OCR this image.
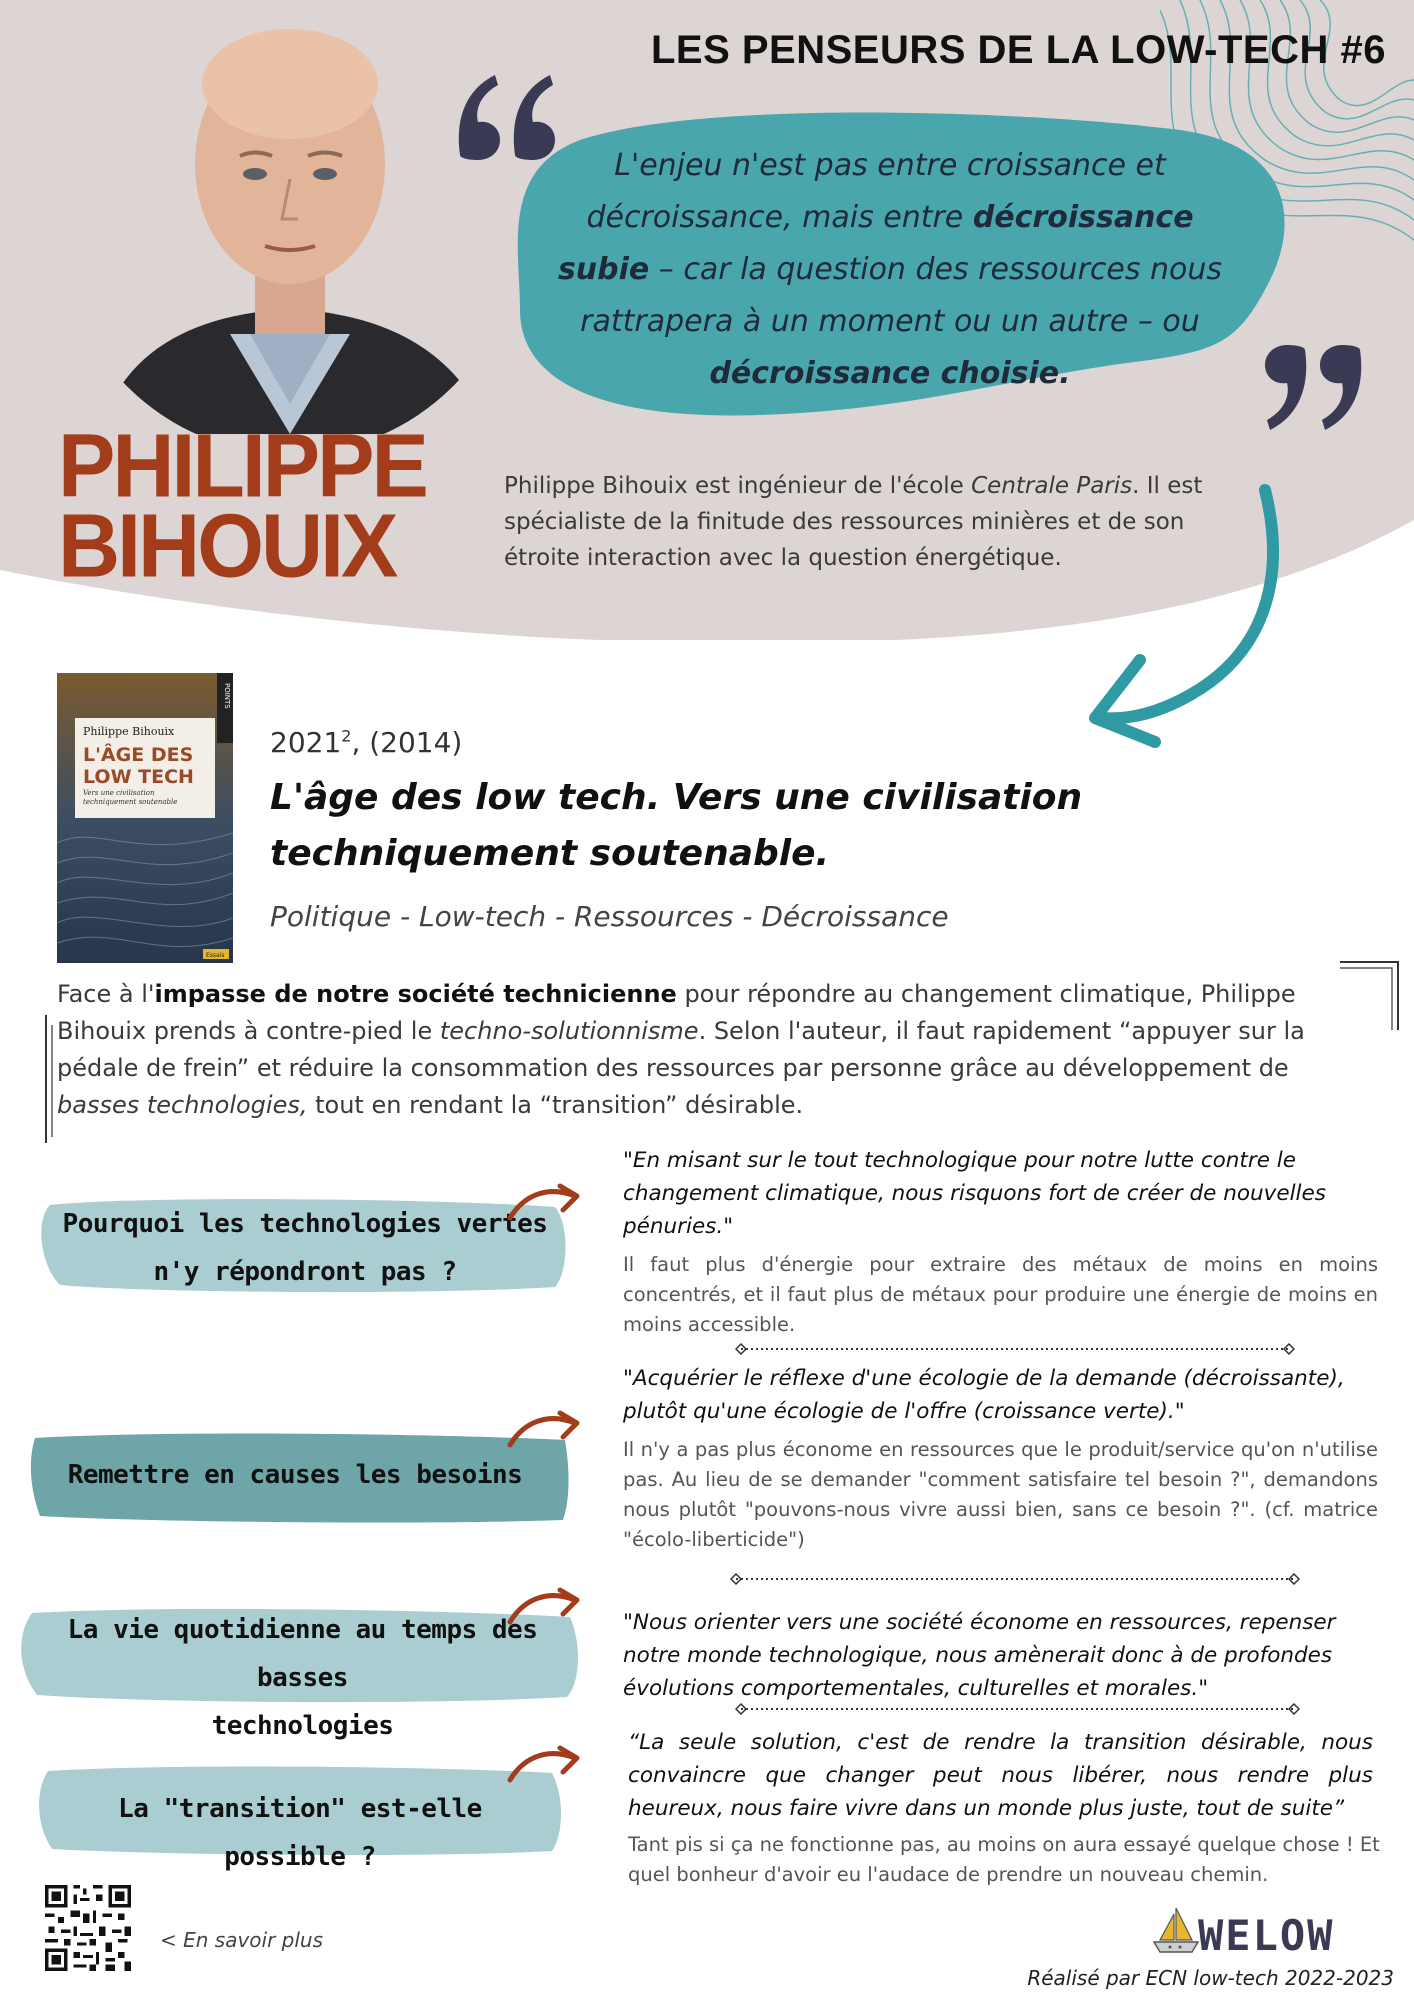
PHILIPPE
BIHOUIX
LES PENSEURS DE LA LOW-TECH #6
L'enjeu n'est pas entre croissance et décroissance, mais entre décroissance subie – car la question des ressources nous rattrapera à un moment ou un autre – ou décroissance choisie.
Philippe Bihouix est ingénieur de l'école Centrale Paris. Il est spécialiste de la finitude des ressources minières et de son étroite interaction avec la question énergétique.
POINTS
Philippe Bihouix
L'ÂGE DES
LOW TECH
Vers une civilisation techniquement soutenable
Essais
2021$^2$, (2014)
L'âge des low tech. Vers une civilisation techniquement soutenable.
Politique - Low-tech - Ressources - Décroissance
Face à l'impasse de notre société technicienne pour répondre au changement climatique, Philippe Bihouix prends à contre-pied le techno-solutionnisme. Selon l'auteur, il faut rapidement “appuyer sur la pédale de frein” et réduire la consommation des ressources par personne grâce au développement de basses technologies, tout en rendant la “transition” désirable.
Pourquoi les technologies vertes
n'y répondront pas ?
"En misant sur le tout technologique pour notre lutte contre le changement climatique, nous risquons fort de créer de nouvelles pénuries."
Il faut plus d'énergie pour extraire des métaux de moins en moins concentrés, et il faut plus de métaux pour produire une énergie de moins en moins accessible.
Remettre en causes les besoins
"Acquérier le réflexe d'une écologie de la demande (décroissante), plutôt qu'une écologie de l'offre (croissance verte)."
Il n'y a pas plus économe en ressources que le produit/service qu'on n'utilise pas. Au lieu de se demander "comment satisfaire tel besoin ?", demandons nous plutôt "pouvons-nous vivre aussi bien, sans ce besoin ?". (cf. matrice "écolo-liberticide")
La vie quotidienne au temps des basses
technologies
"Nous orienter vers une société économe en ressources, repenser notre monde technologique, nous amènerait donc à de profondes évolutions comportementales, culturelles et morales."
La "transition" est-elle possible ?
“La seule solution, c'est de rendre la transition désirable, nous convaincre que changer peut nous libérer, nous rendre plus heureux, nous faire vivre dans un monde plus juste, tout de suite”
Tant pis si ça ne fonctionne pas, au moins on aura essayé quelque chose ! Et quel bonheur d'avoir eu l'audace de prendre un nouveau chemin.
< En savoir plus	WELOW
Réalisé par ECN low-tech 2022-2023
